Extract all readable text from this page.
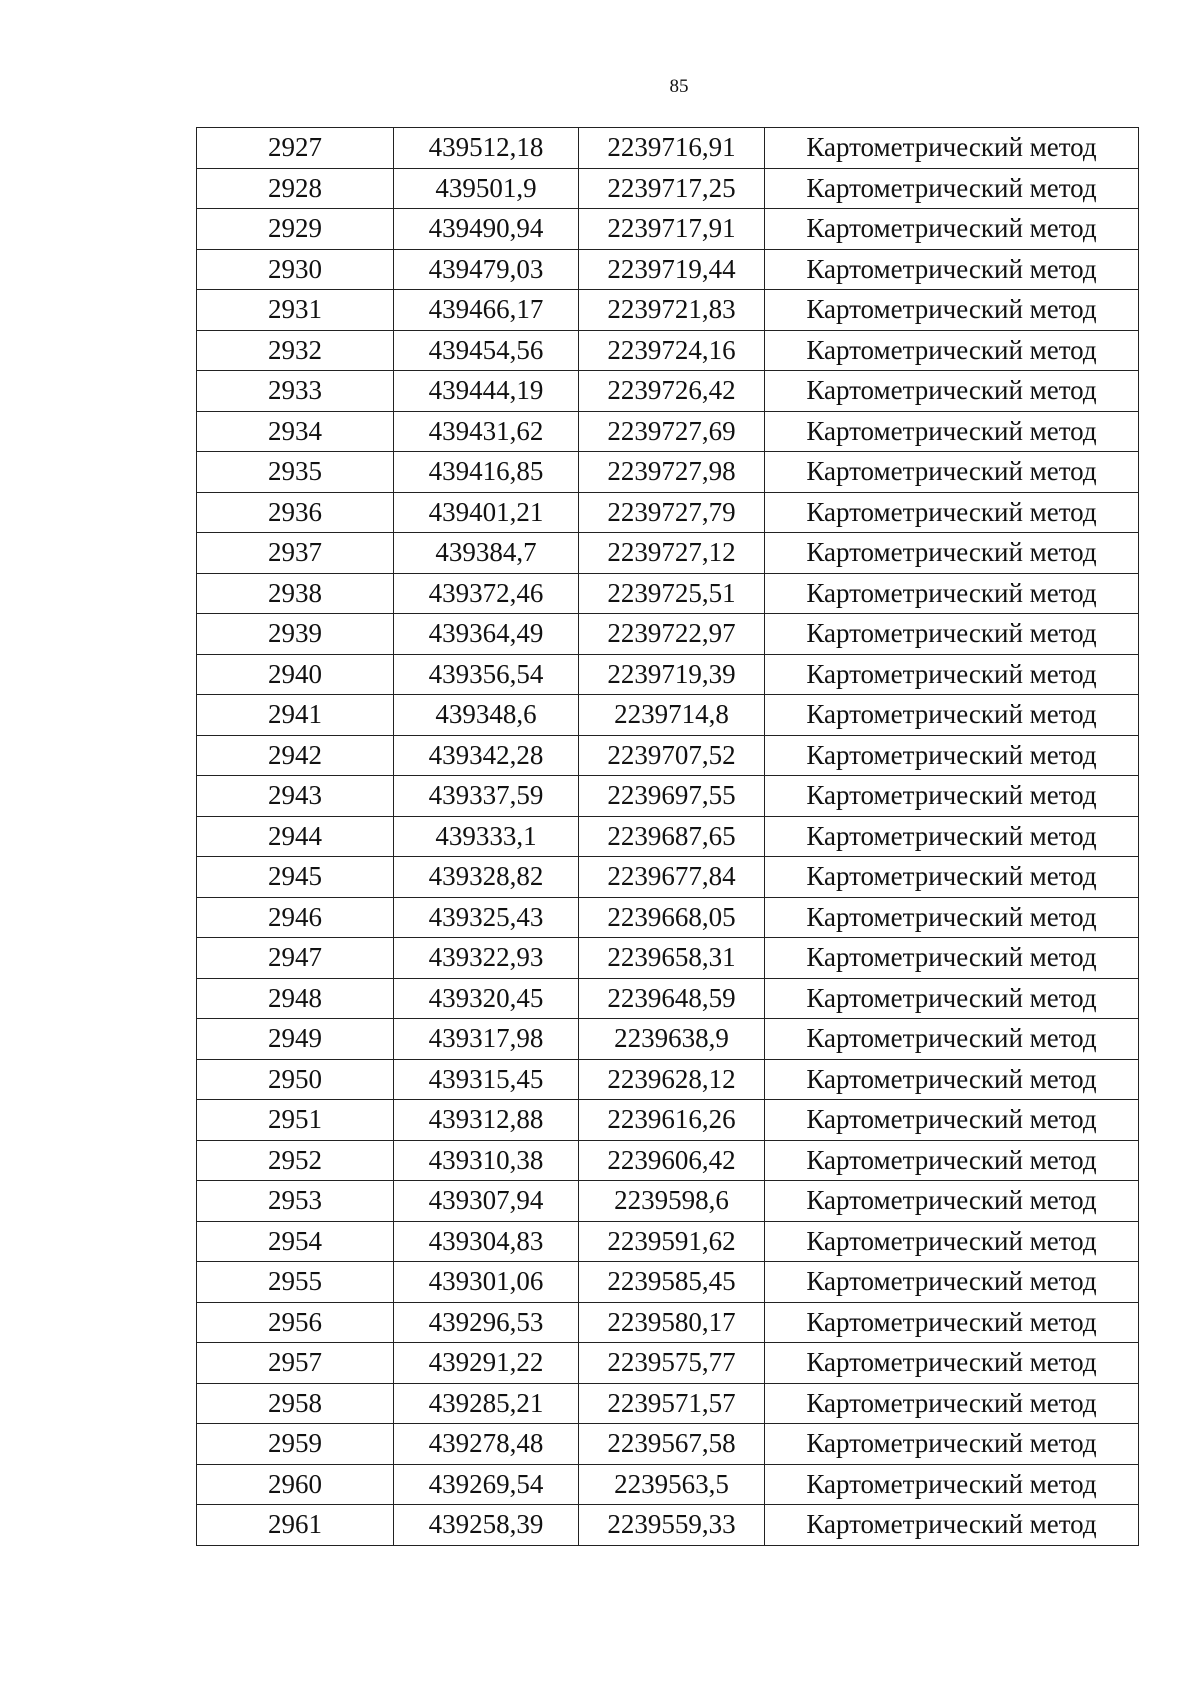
85
2927	439512,18	2239716,91	Картометрический метод
2928	439501,9	2239717,25	Картометрический метод
2929	439490,94	2239717,91	Картометрический метод
2930	439479,03	2239719,44	Картометрический метод
2931	439466,17	2239721,83	Картометрический метод
2932	439454,56	2239724,16	Картометрический метод
2933	439444,19	2239726,42	Картометрический метод
2934	439431,62	2239727,69	Картометрический метод
2935	439416,85	2239727,98	Картометрический метод
2936	439401,21	2239727,79	Картометрический метод
2937	439384,7	2239727,12	Картометрический метод
2938	439372,46	2239725,51	Картометрический метод
2939	439364,49	2239722,97	Картометрический метод
2940	439356,54	2239719,39	Картометрический метод
2941	439348,6	2239714,8	Картометрический метод
2942	439342,28	2239707,52	Картометрический метод
2943	439337,59	2239697,55	Картометрический метод
2944	439333,1	2239687,65	Картометрический метод
2945	439328,82	2239677,84	Картометрический метод
2946	439325,43	2239668,05	Картометрический метод
2947	439322,93	2239658,31	Картометрический метод
2948	439320,45	2239648,59	Картометрический метод
2949	439317,98	2239638,9	Картометрический метод
2950	439315,45	2239628,12	Картометрический метод
2951	439312,88	2239616,26	Картометрический метод
2952	439310,38	2239606,42	Картометрический метод
2953	439307,94	2239598,6	Картометрический метод
2954	439304,83	2239591,62	Картометрический метод
2955	439301,06	2239585,45	Картометрический метод
2956	439296,53	2239580,17	Картометрический метод
2957	439291,22	2239575,77	Картометрический метод
2958	439285,21	2239571,57	Картометрический метод
2959	439278,48	2239567,58	Картометрический метод
2960	439269,54	2239563,5	Картометрический метод
2961	439258,39	2239559,33	Картометрический метод
